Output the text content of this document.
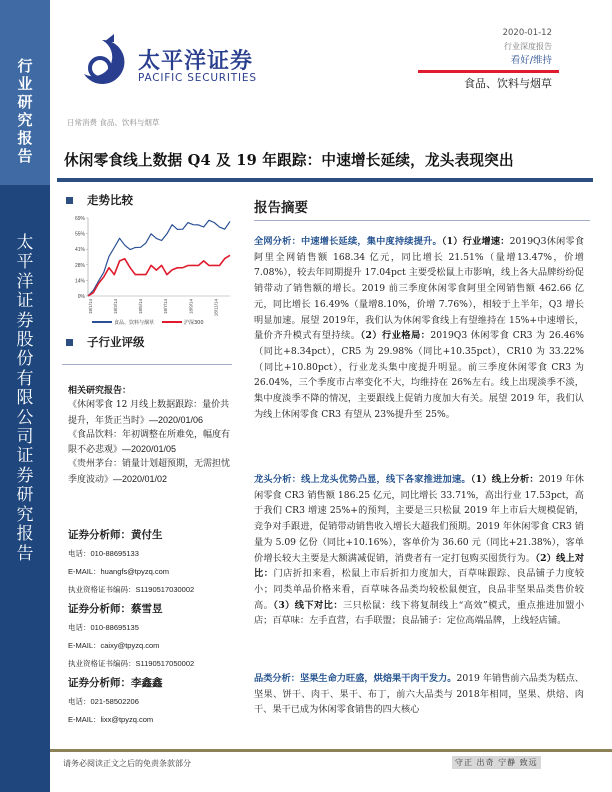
行
业
研
究
报
告
太
平
洋
证
券
股
份
有
限
公
司
证
券
研
究
报
告
太平洋证券
PACIFIC SECURITIES
2020-01-12
行业深度报告
看好/维持
食品、饮料与烟草
日常消费 食品、饮料与烟草
休闲零食线上数据 Q4 及 19 年跟踪：中速增长延续，龙头表现突出
走势比较
0%
14%
28%
41%
55%
69%
18/1/14	18/3/14	18/5/14	18/7/14	18/9/14	18/11/14
食品、饮料与烟草	沪深300
子行业评级
相关研究报告：
《休闲零食 12 月线上数据跟踪：量价共提升，年货正当时》—2020/01/06
《食品饮料：年初调整在所难免，幅度有限不必悲观》—2020/01/05
《贵州茅台：销量计划超预期，无需担忧季度波动》—2020/01/02
证券分析师：黄付生
电话：010-88695133
E-MAIL：huangfs@tpyzq.com
执业资格证书编码：S1190517030002
证券分析师：蔡雪昱
电话：010-88695135
E-MAIL：caixy@tpyzq.com
执业资格证书编码：S1190517050002
证券分析师：李鑫鑫
电话：021-58502206
E-MAIL：lixx@tpyzq.com
报告摘要
全网分析：中速增长延续，集中度持续提升。（1）行业增速：2019Q3休闲零食阿里全网销售额 168.34 亿元，同比增长 21.51%（量增13.47%，价增 7.08%），较去年同期提升 17.04pct 主要受松鼠上市影响，线上各大品牌纷纷促销带动了销售额的增长。2019 前三季度休闲零食阿里全网销售额 462.66 亿元，同比增长 16.49%（量增8.10%，价增 7.76%），相较于上半年，Q3 增长明显加速。展望 2019年，我们认为休闲零食线上有望维持在 15%+中速增长，量价齐升模式有望持续。（2）行业格局：2019Q3 休闲零食 CR3 为 26.46%（同比+8.34pct），CR5 为 29.98%（同比+10.35pct），CR10 为 33.22%（同比+10.80pct），行业龙头集中度提升明显。前三季度休闲零食 CR3 为 26.04%，三个季度市占率变化不大，均维持在 26%左右。线上出现淡季不淡，集中度淡季不降的情况，主要跟线上促销力度加大有关。展望 2019 年，我们认为线上休闲零食 CR3 有望从 23%提升至 25%。
龙头分析：线上龙头优势凸显，线下各家推进加速。（1）线上分析：2019 年休闲零食 CR3 销售额 186.25 亿元，同比增长 33.71%，高出行业 17.53pct，高于我们 CR3 增速 25%+的预判，主要是三只松鼠 2019 年上市后大规模促销，竞争对手跟进，促销带动销售收入增长大超我们预期。2019 年休闲零食 CR3 销量为 5.09 亿份（同比+10.16%），客单价为 36.60 元（同比+21.38%），客单价增长较大主要是大额满减促销，消费者有一定打包购买囤货行为。（2）线上对比：门店折扣来看，松鼠上市后折扣力度加大，百草味跟踪、良品铺子力度较小；同类单品价格来看，百草味各品类均较松鼠便宜，良品非坚果品类售价较高。（3）线下对比：三只松鼠：线下将复制线上“高效”模式，重点推进加盟小店；百草味：左手直营，右手联盟；良品铺子：定位高端品牌，上线轻店铺。
品类分析：坚果生命力旺盛，烘焙果干肉干发力。2019 年销售前六品类为糕点、坚果、饼干、肉干、果干、布丁，前六大品类与 2018年相同，坚果、烘焙、肉干、果干已成为休闲零食销售的四大核心
请务必阅读正文之后的免责条款部分	守正 出奇 宁静 致远
